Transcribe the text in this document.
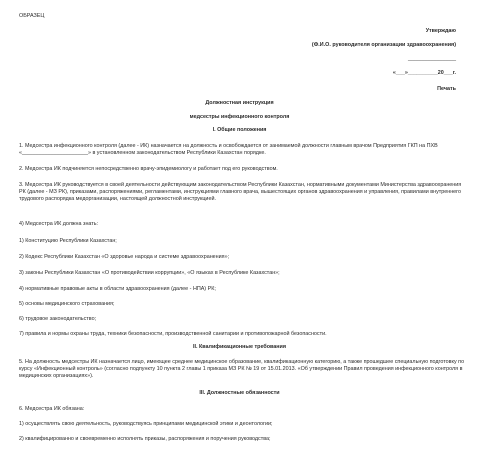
ОБРАЗЕЦ
Утверждаю
(Ф.И.О. руководителя организации здравоохранения)
________________
«___»__________20___г.
Печать
Должностная инструкция
медсестры инфекционного контроля
I. Общие положения

1. Медсестра инфекционного контроля (далее - ИК) назначается на должность и освобождается от занимаемой должности главным врачом Предприятия ГКП на ПХВ «______________________» в установленном законодательством Республики Казахстан порядке.

2. Медсестра ИК подчиняется непосредственно врачу-эпидемиологу и работает под его руководством.

3. Медсестра ИК руководствуется в своей деятельности действующим законодательством Республики Казахстан, нормативными документами Министерства здравоохранения РК (далее - МЗ РК), приказами, распоряжениями, регламентами, инструкциями главного врача, вышестоящих органов здравоохранения и управления, правилами внутреннего трудового распорядка медорганизации, настоящей должностной инструкцией.

4) Медсестра ИК должна знать:

1) Конституцию Республики Казахстан;

2) Кодекс Республики Казахстан «О здоровье народа и системе здравоохранения»;

3) законы Республики Казахстан «О противодействии коррупции», «О языках в Республике Казахстан»;

4) нормативные правовые акты в области здравоохранения (далее - НПА) РК;

5) основы медицинского страхования;

6) трудовое законодательство;

7) правила и нормы охраны труда, техники безопасности, производственной санитарии и противопожарной безопасности.

II. Квалификационные требования

5. На должность медсестры ИК назначается лицо, имеющее среднее медицинское образование, квалификационную категорию, а также прошедшее специальную подготовку по курсу «Инфекционный контроль» (согласно подпункту 10 пункта 2 главы 1 приказа МЗ РК № 19 от 15.01.2013. «Об утверждении Правил проведения инфекционного контроля в медицинских организациях»).

III. Должностные обязанности

6. Медсестра ИК обязана:

1) осуществлять свою деятельность, руководствуясь принципами медицинской этики и деонтологии;

2) квалифицированно и своевременно исполнять приказы, распоряжения и поручения руководства;
